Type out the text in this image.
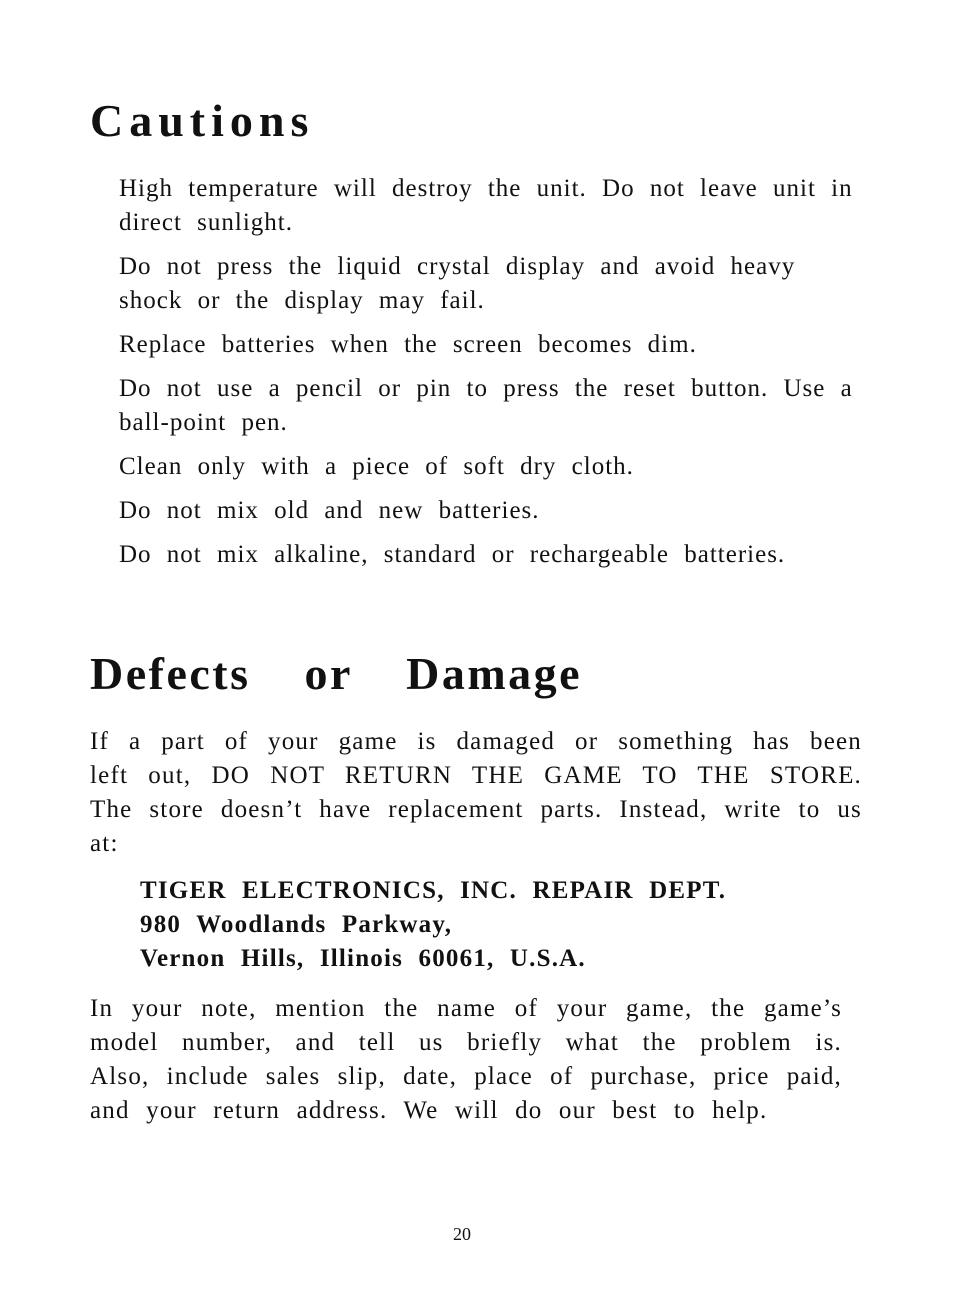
Cautions
High temperature will destroy the unit. Do not leave unit in direct sunlight.
Do not press the liquid crystal display and avoid heavy shock or the display may fail.
Replace batteries when the screen becomes dim.
Do not use a pencil or pin to press the reset button. Use a ball-point pen.
Clean only with a piece of soft dry cloth.
Do not mix old and new batteries.
Do not mix alkaline, standard or rechargeable batteries.
Defects or Damage

If a part of your game is damaged or something has been left out, DO NOT RETURN THE GAME TO THE STORE. The store doesn’t have replacement parts. Instead, write to us at:

TIGER ELECTRONICS, INC. REPAIR DEPT.
980 Woodlands Parkway,
Vernon Hills, Illinois 60061, U.S.A.

In your note, mention the name of your game, the game’s model number, and tell us briefly what the problem is. Also, include sales slip, date, place of purchase, price paid, and your return address. We will do our best to help.

20
